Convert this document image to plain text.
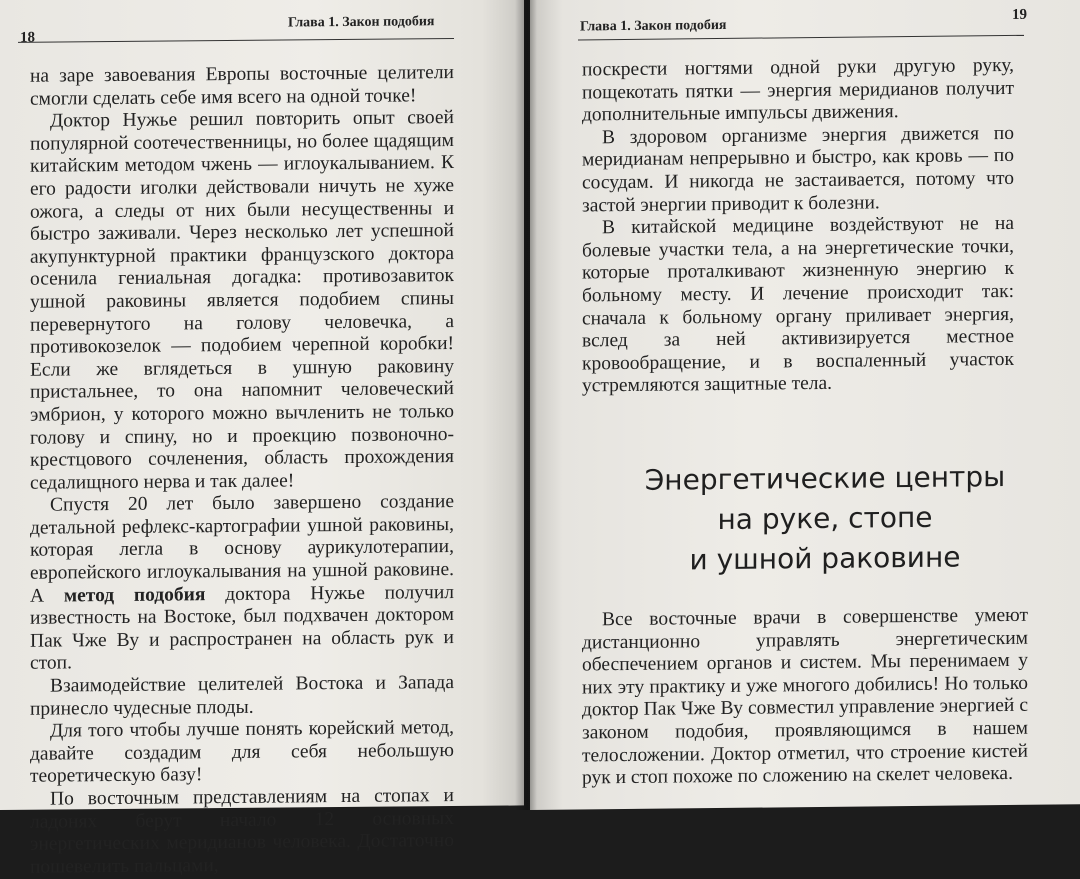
18
Глава 1. Закон подобия

на заре завоевания Европы восточные целители смогли сделать себе имя всего на одной точке!

Доктор Нужье решил повторить опыт своей популярной соотечественницы, но более щадящим китайским методом чжень — иглоукалыванием. К его радости иголки действовали ничуть не хуже ожога, а следы от них были несущественны и быстро заживали. Через несколько лет успешной акупунктурной практики французского доктора осенила гениальная догадка: противозавиток ушной раковины является подобием спины перевернутого на голову человечка, а противокозелок — подобием черепной коробки! Если же вглядеться в ушную раковину пристальнее, то она напомнит человеческий эмбрион, у которого можно вычленить не только голову и спину, но и проекцию позвоночно-крестцового сочленения, область прохождения седалищного нерва и так далее!

Спустя 20 лет было завершено создание детальной рефлекс-картографии ушной раковины, которая легла в основу аурикулотерапии, европейского иглоукалывания на ушной раковине. А метод подобия доктора Нужье получил известность на Востоке, был подхвачен доктором Пак Чже Ву и распространен на область рук и стоп.

Взаимодействие целителей Востока и Запада принесло чудесные плоды.

Для того чтобы лучше понять корейский метод, давайте создадим для себя небольшую теоретическую базу!

По восточным представлениям на стопах и ладонях берут начало 12 основных энергетических меридианов человека. Достаточно пошевелить пальцами,

Глава 1. Закон подобия
19

поскрести ногтями одной руки другую руку, пощекотать пятки — энергия меридианов получит дополнительные импульсы движения.

В здоровом организме энергия движется по меридианам непрерывно и быстро, как кровь — по сосудам. И никогда не застаивается, потому что застой энергии приводит к болезни.

В китайской медицине воздействуют не на болевые участки тела, а на энергетические точки, которые проталкивают жизненную энергию к больному месту. И лечение происходит так: сначала к больному органу приливает энергия, вслед за ней активизируется местное кровообращение, и в воспаленный участок устремляются защитные тела.

Энергетические центры
на руке, стопе
и ушной раковине

Все восточные врачи в совершенстве умеют дистанционно управлять энергетическим обеспечением органов и систем. Мы перенимаем у них эту практику и уже многого добились! Но только доктор Пак Чже Ву совместил управление энергией с законом подобия, проявляющимся в нашем телосложении. Доктор отметил, что строение кистей рук и стоп похоже по сложению на скелет человека.
